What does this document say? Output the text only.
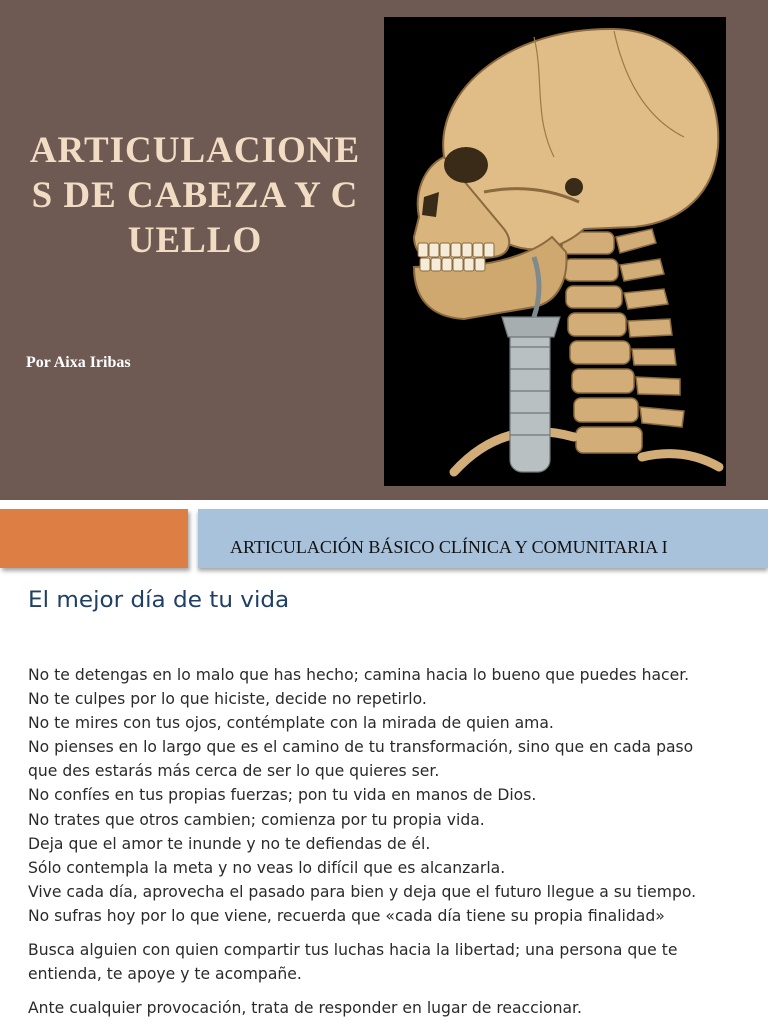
ARTICULACIONES DE CABEZA Y CUELLO
Por Aixa Iribas
ARTICULACIÓN BÁSICO CLÍNICA Y COMUNITARIA I
El mejor día de tu vida

No te detengas en lo malo que has hecho; camina hacia lo bueno que puedes hacer.
No te culpes por lo que hiciste, decide no repetirlo.
No te mires con tus ojos, contémplate con la mirada de quien ama.
No pienses en lo largo que es el camino de tu transformación, sino que en cada paso
que des estarás más cerca de ser lo que quieres ser.
No confíes en tus propias fuerzas; pon tu vida en manos de Dios.
No trates que otros cambien; comienza por tu propia vida.
Deja que el amor te inunde y no te defiendas de él.
Sólo contempla la meta y no veas lo difícil que es alcanzarla.
Vive cada día, aprovecha el pasado para bien y deja que el futuro llegue a su tiempo.
No sufras hoy por lo que viene, recuerda que «cada día tiene su propia finalidad»

Busca alguien con quien compartir tus luchas hacia la libertad; una persona que te
entienda, te apoye y te acompañe.

Ante cualquier provocación, trata de responder en lugar de reaccionar.
